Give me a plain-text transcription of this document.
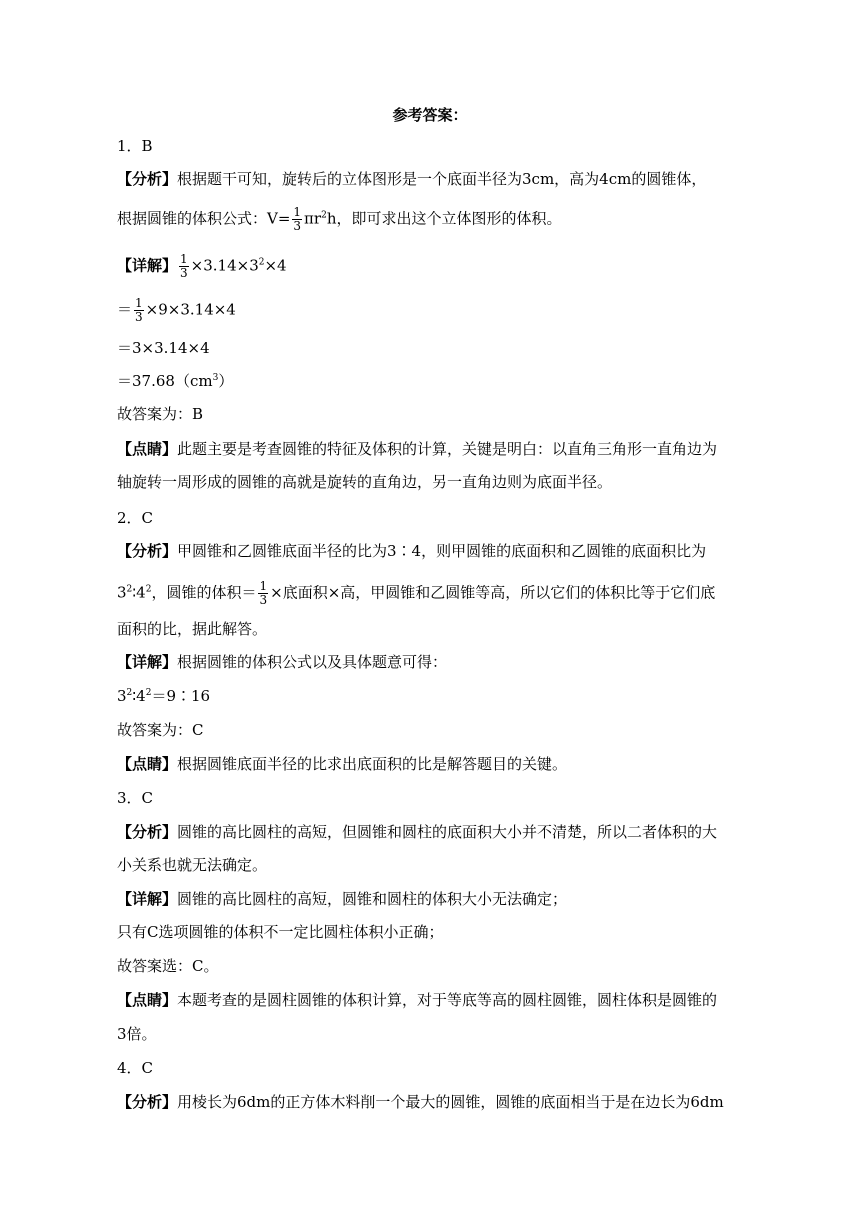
参考答案：
1．B
【分析】根据题干可知，旋转后的立体图形是一个底面半径为3cm，高为4cm的圆锥体，
根据圆锥的体积公式：$V= \frac{1}{3} \pi r^2h$，即可求出这个立体图形的体积。
【详解】 $\frac{1}{3} \times 3.14\times 3^2\times 4$
＝ $\frac{1}{3} \times 9\times 3.14\times 4$
＝3×3.14×4
$=37.68(cm^3)$
故答案为：B
【点睛】此题主要是考查圆锥的特征及体积的计算，关键是明白：以直角三角形一直角边为
轴旋转一周形成的圆锥的高就是旋转的直角边，另一直角边则为底面半径。
2．C
【分析】甲圆锥和乙圆锥底面半径的比为3∶4，则甲圆锥的底面积和乙圆锥的底面积比为
$3^2∶4^2$，圆锥的体积＝ $\frac{1}{3}$ ×底面积×高，甲圆锥和乙圆锥等高，所以它们的体积比等于它们底
面积的比，据此解答。
【详解】根据圆锥的体积公式以及具体题意可得：
$3^2∶4^2=9∶16$
故答案为：C
【点睛】根据圆锥底面半径的比求出底面积的比是解答题目的关键。
3．C
【分析】圆锥的高比圆柱的高短，但圆锥和圆柱的底面积大小并不清楚，所以二者体积的大
小关系也就无法确定。
【详解】圆锥的高比圆柱的高短，圆锥和圆柱的体积大小无法确定；
只有C选项圆锥的体积不一定比圆柱体积小正确；
故答案选：C。
【点睛】本题考查的是圆柱圆锥的体积计算，对于等底等高的圆柱圆锥，圆柱体积是圆锥的
3倍。
4．C
【分析】用棱长为6dm的正方体木料削一个最大的圆锥，圆锥的底面相当于是在边长为6dm
